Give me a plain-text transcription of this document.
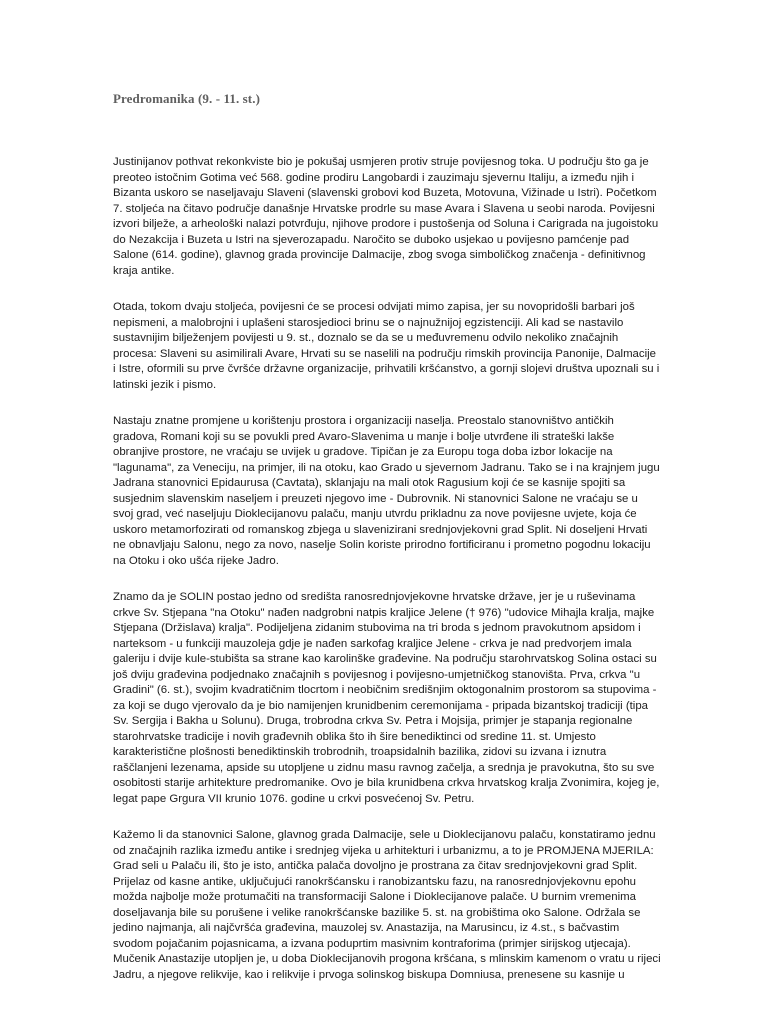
Predromanika (9. - 11. st.)

Justinijanov pothvat rekonkviste bio je pokušaj usmjeren protiv struje povijesnog toka. U području što ga je preoteo istočnim Gotima već 568. godine prodiru Langobardi i zauzimaju sjevernu Italiju, a između njih i Bizanta uskoro se naseljavaju Slaveni (slavenski grobovi kod Buzeta, Motovuna, Vižinade u Istri). Početkom 7. stoljeća na čitavo područje današnje Hrvatske prodrle su mase Avara i Slavena u seobi naroda. Povijesni izvori bilježe, a arheološki nalazi potvrđuju, njihove prodore i pustošenja od Soluna i Carigrada na jugoistoku do Nezakcija i Buzeta u Istri na sjeverozapadu. Naročito se duboko usjekao u povijesno pamćenje pad Salone (614. godine), glavnog grada provincije Dalmacije, zbog svoga simboličkog značenja - definitivnog kraja antike.

Otada, tokom dvaju stoljeća, povijesni će se procesi odvijati mimo zapisa, jer su novopridošli barbari još nepismeni, a malobrojni i uplašeni starosjedioci brinu se o najnužnijoj egzistenciji. Ali kad se nastavilo sustavnijim bilježenjem povijesti u 9. st., doznalo se da se u međuvremenu odvilo nekoliko značajnih procesa: Slaveni su asimilirali Avare, Hrvati su se naselili na području rimskih provincija Panonije, Dalmacije i Istre, oformili su prve čvršće državne organizacije, prihvatili kršćanstvo, a gornji slojevi društva upoznali su i latinski jezik i pismo.

Nastaju znatne promjene u korištenju prostora i organizaciji naselja. Preostalo stanovništvo antičkih gradova, Romani koji su se povukli pred Avaro-Slavenima u manje i bolje utvrđene ili strateški lakše obranjive prostore, ne vraćaju se uvijek u gradove. Tipičan je za Europu toga doba izbor lokacije na "lagunama", za Veneciju, na primjer, ili na otoku, kao Grado u sjevernom Jadranu. Tako se i na krajnjem jugu Jadrana stanovnici Epidaurusa (Cavtata), sklanjaju na mali otok Ragusium koji će se kasnije spojiti sa susjednim slavenskim naseljem i preuzeti njegovo ime - Dubrovnik. Ni stanovnici Salone ne vraćaju se u svoj grad, već naseljuju Dioklecijanovu palaču, manju utvrdu prikladnu za nove povijesne uvjete, koja će uskoro metamorfozirati od romanskog zbjega u slavenizirani srednjovjekovni grad Split. Ni doseljeni Hrvati ne obnavljaju Salonu, nego za novo, naselje Solin koriste prirodno fortificiranu i prometno pogodnu lokaciju na Otoku i oko ušća rijeke Jadro.

Znamo da je SOLIN postao jedno od središta ranosrednjovjekovne hrvatske države, jer je u ruševinama crkve Sv. Stjepana "na Otoku" nađen nadgrobni natpis kraljice Jelene († 976) "udovice Mihajla kralja, majke Stjepana (Držislava) kralja". Podijeljena zidanim stubovima na tri broda s jednom pravokutnom apsidom i narteksom - u funkciji mauzoleja gdje je nađen sarkofag kraljice Jelene - crkva je nad predvorjem imala galeriju i dvije kule-stubišta sa strane kao karolinške građevine. Na području starohrvatskog Solina ostaci su još dviju građevina podjednako značajnih s povijesnog i povijesno-umjetničkog stanovišta. Prva, crkva "u Gradini" (6. st.), svojim kvadratičnim tlocrtom i neobičnim središnjim oktogonalnim prostorom sa stupovima - za koji se dugo vjerovalo da je bio namijenjen krunidbenim ceremonijama - pripada bizantskoj tradiciji (tipa Sv. Sergija i Bakha u Solunu). Druga, trobrodna crkva Sv. Petra i Mojsija, primjer je stapanja regionalne starohrvatske tradicije i novih građevnih oblika što ih šire benediktinci od sredine 11. st. Umjesto karakteristične plošnosti benediktinskih trobrodnih, troapsidalnih bazilika, zidovi su izvana i iznutra raščlanjeni lezenama, apside su utopljene u zidnu masu ravnog začelja, a srednja je pravokutna, što su sve osobitosti starije arhitekture predromanike. Ovo je bila krunidbena crkva hrvatskog kralja Zvonimira, kojeg je, legat pape Grgura VII krunio 1076. godine u crkvi posvećenoj Sv. Petru.

Kažemo li da stanovnici Salone, glavnog grada Dalmacije, sele u Dioklecijanovu palaču, konstatiramo jednu od značajnih razlika između antike i srednjeg vijeka u arhitekturi i urbanizmu, a to je PROMJENA MJERILA: Grad seli u Palaču ili, što je isto, antička palača dovoljno je prostrana za čitav srednjovjekovni grad Split. Prijelaz od kasne antike, uključujući ranokršćansku i ranobizantsku fazu, na ranosrednjovjekovnu epohu možda najbolje može protumačiti na transformaciji Salone i Dioklecijanove palače. U burnim vremenima doseljavanja bile su porušene i velike ranokršćanske bazilike 5. st. na grobištima oko Salone. Održala se jedino najmanja, ali najčvršća građevina, mauzolej sv. Anastazija, na Marusincu, iz 4.st., s bačvastim svodom pojačanim pojasnicama, a izvana poduprtim masivnim kontraforima (primjer sirijskog utjecaja). Mučenik Anastazije utopljen je, u doba Dioklecijanovih progona kršćana, s mlinskim kamenom o vratu u rijeci Jadru, a njegove relikvije, kao i relikvije i prvoga solinskog biskupa Domniusa, prenesene su kasnije u
